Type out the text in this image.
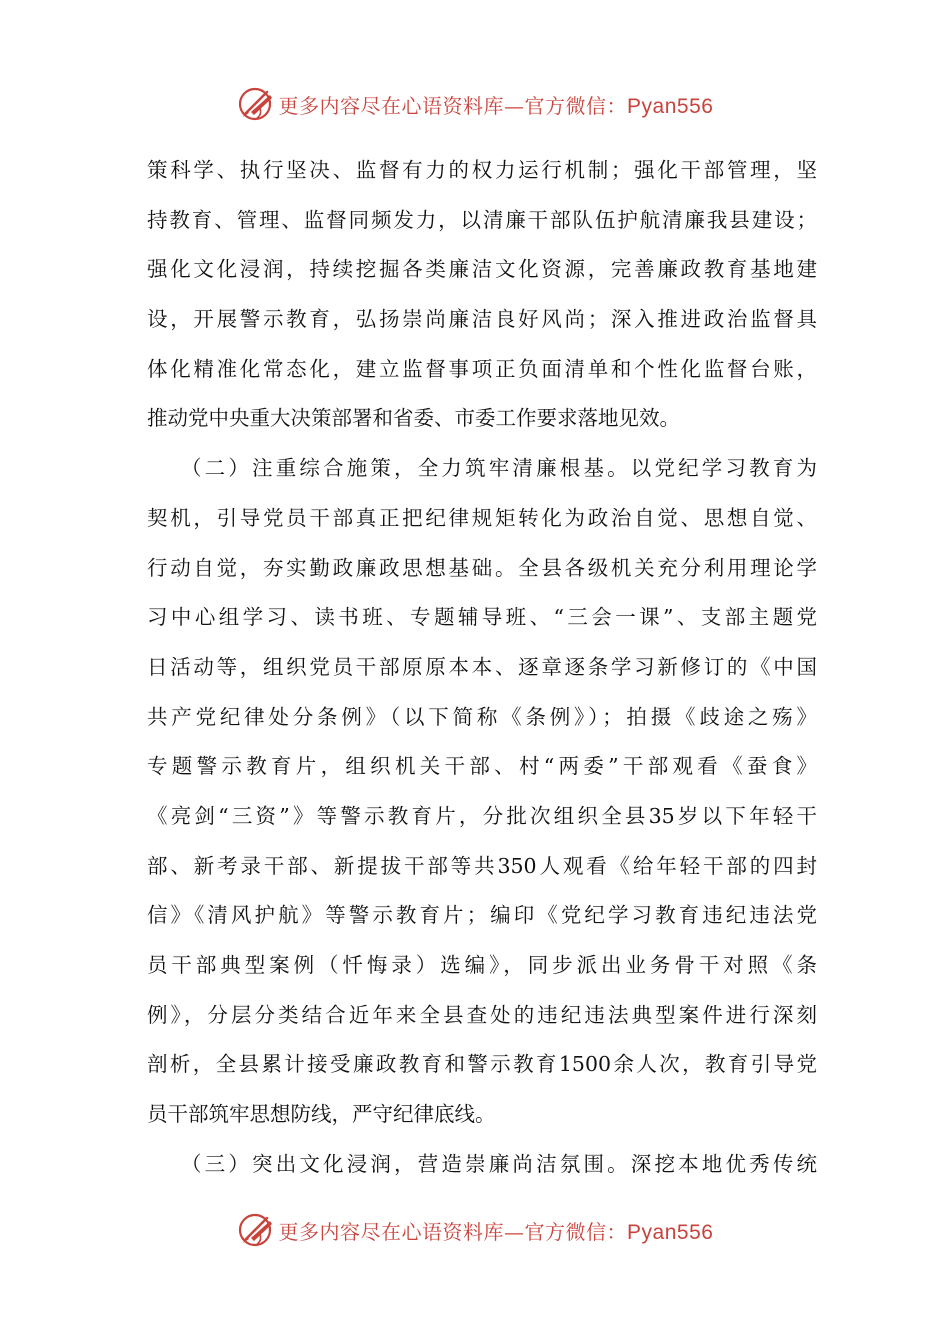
更多内容尽在心语资料库—官方微信：Pyan556
策科学、执行坚决、监督有力的权力运行机制；强化干部管理，坚
持教育、管理、监督同频发力，以清廉干部队伍护航清廉我县建设；
强化文化浸润，持续挖掘各类廉洁文化资源，完善廉政教育基地建
设，开展警示教育，弘扬崇尚廉洁良好风尚；深入推进政治监督具
体化精准化常态化，建立监督事项正负面清单和个性化监督台账，
推动党中央重大决策部署和省委、市委工作要求落地见效。
（二）注重综合施策，全力筑牢清廉根基。以党纪学习教育为
契机，引导党员干部真正把纪律规矩转化为政治自觉、思想自觉、
行动自觉，夯实勤政廉政思想基础。全县各级机关充分利用理论学
习中心组学习、读书班、专题辅导班、“三会一课”、支部主题党
日活动等，组织党员干部原原本本、逐章逐条学习新修订的《中国
共产党纪律处分条例》（以下简称《条例》）；拍摄《歧途之殇》
专题警示教育片，组织机关干部、村“两委”干部观看《蚕食》
《亮剑“三资”》等警示教育片，分批次组织全县35岁以下年轻干
部、新考录干部、新提拔干部等共350人观看《给年轻干部的四封
信》《清风护航》等警示教育片；编印《党纪学习教育违纪违法党
员干部典型案例（忏悔录）选编》，同步派出业务骨干对照《条
例》，分层分类结合近年来全县查处的违纪违法典型案件进行深刻
剖析，全县累计接受廉政教育和警示教育1500余人次，教育引导党
员干部筑牢思想防线，严守纪律底线。
（三）突出文化浸润，营造崇廉尚洁氛围。深挖本地优秀传统
更多内容尽在心语资料库—官方微信：Pyan556
